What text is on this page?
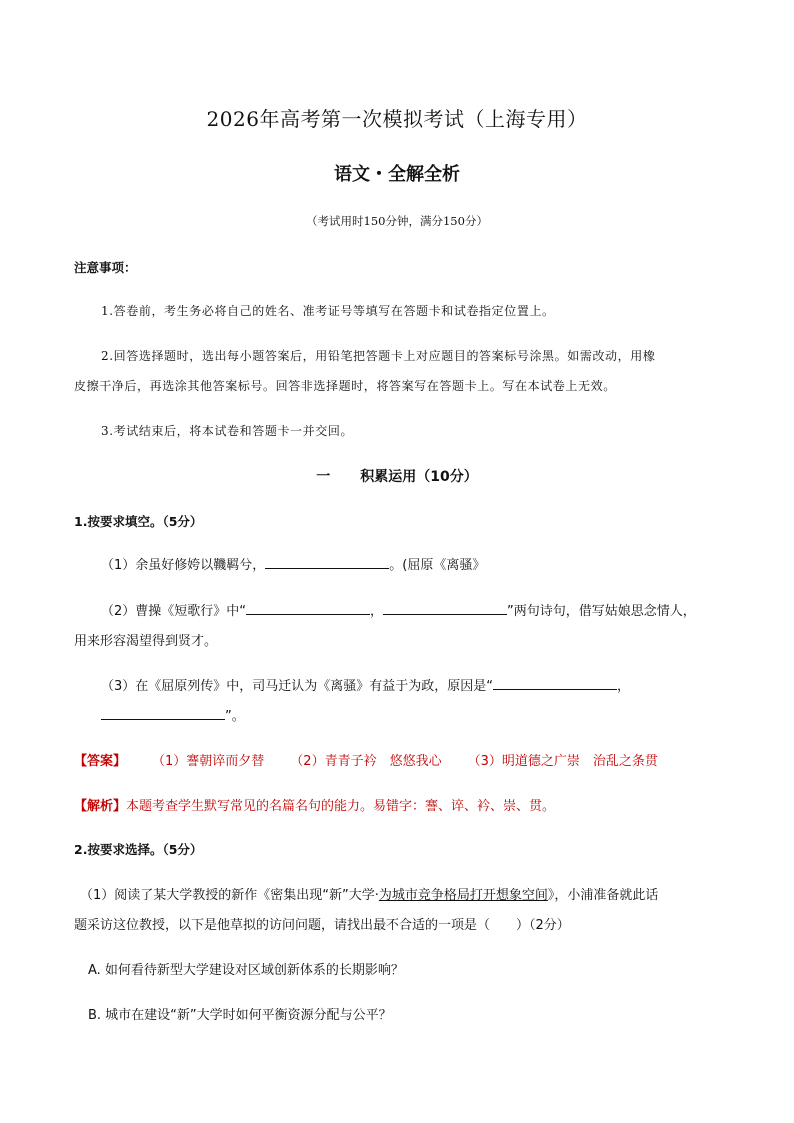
2026年高考第一次模拟考试（上海专用）
语文・全解全析
（考试用时150分钟，满分150分）
注意事项：
1.答卷前，考生务必将自己的姓名、准考证号等填写在答题卡和试卷指定位置上。
2.回答选择题时，选出每小题答案后，用铅笔把答题卡上对应题目的答案标号涂黑。如需改动，用橡
皮擦干净后，再选涂其他答案标号。回答非选择题时，将答案写在答题卡上。写在本试卷上无效。
3.考试结束后，将本试卷和答题卡一并交回。
一 积累运用（10分）
1.按要求填空。（5分）
（1）余虽好修姱以鞿羁兮，	。(屈原《离骚》
（2）曹操《短歌行》中“	，	”两句诗句，借写姑娘思念情人，
用来形容渴望得到贤才。
（3）在《屈原列传》中，司马迁认为《离骚》有益于为政，原因是“	，
”。
【答案】 （1）謇朝谇而夕替 （2）青青子衿　悠悠我心 （3）明道德之广崇　治乱之条贯
【解析】本题考查学生默写常见的名篇名句的能力。易错字：謇、谇、衿、崇、贯。
2.按要求选择。（5分）
（1）阅读了某大学教授的新作《密集出现“新”大学·为城市竞争格局打开想象空间》，小浦准备就此话
题采访这位教授，以下是他草拟的访问问题，请找出最不合适的一项是（　　）（2分）
A. 如何看待新型大学建设对区域创新体系的长期影响？
B. 城市在建设“新”大学时如何平衡资源分配与公平？
